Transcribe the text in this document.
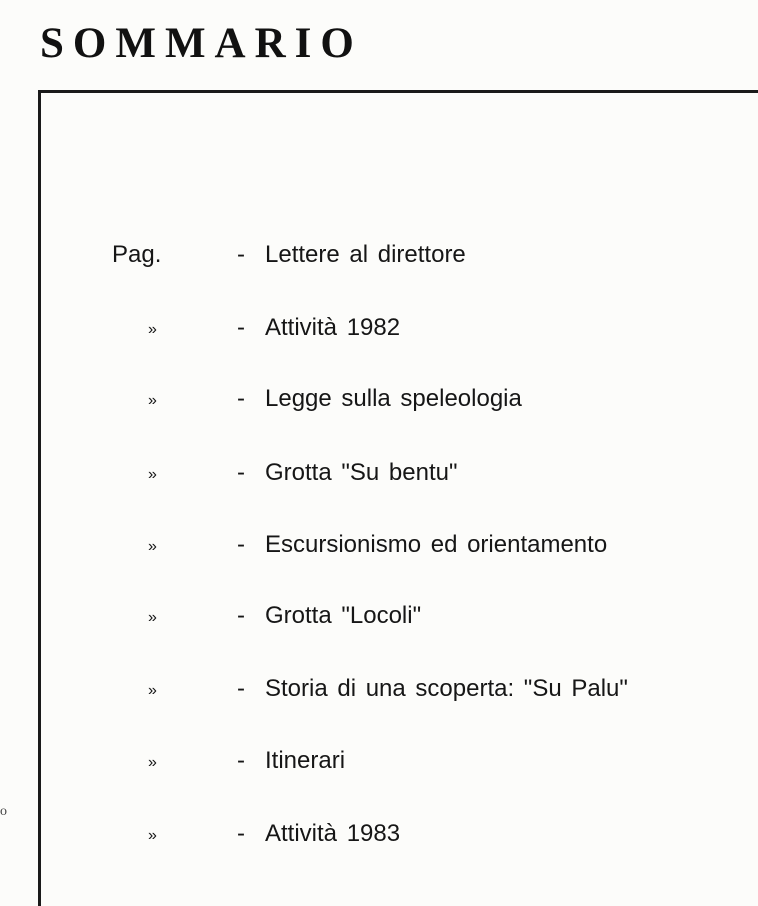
SOMMARIO
Pag.	- Lettere al direttore
»	- Attività 1982
»	- Legge sulla speleologia
»	- Grotta "Su bentu"
»	- Escursionismo ed orientamento
»	- Grotta "Locoli"
»	- Storia di una scoperta: "Su Palu"
»	- Itinerari
»	- Attività 1983
o
